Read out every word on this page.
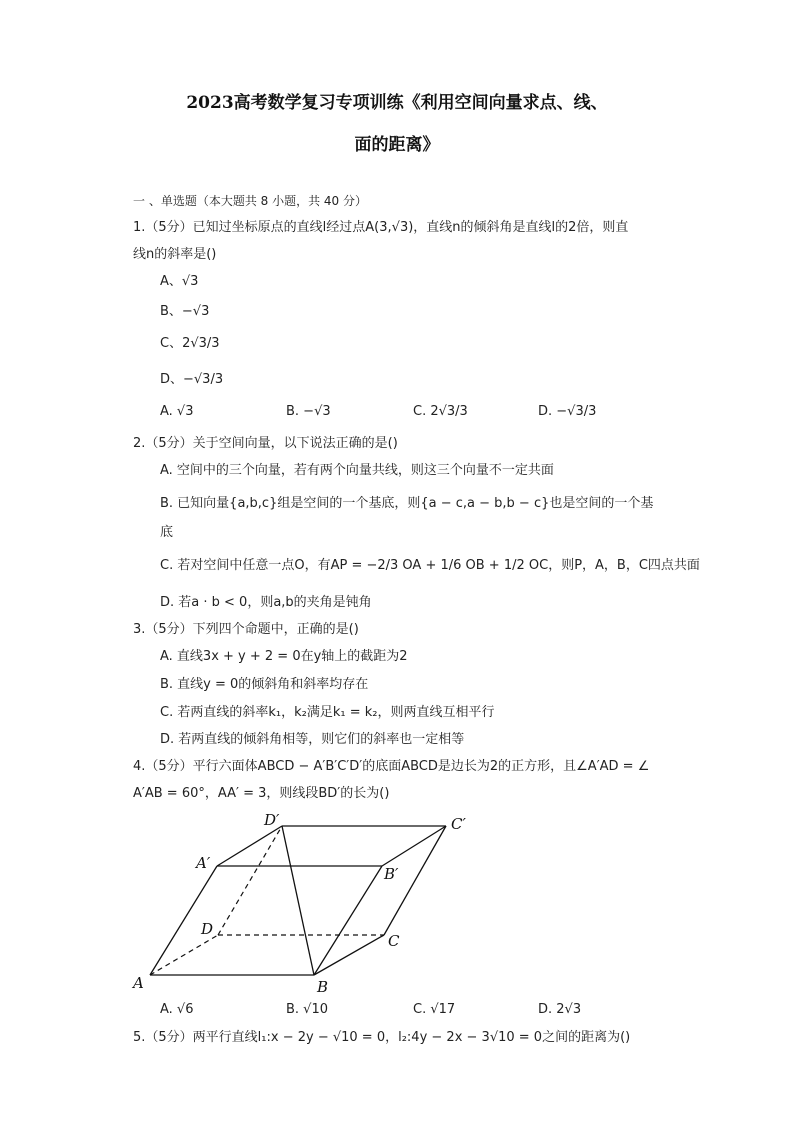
2023高考数学复习专项训练《利用空间向量求点、线、
面的距离》
一 、单选题（本大题共 8 小题，共 40 分）
1.（5分）已知过坐标原点的直线l经过点A(3,√3)，直线n的倾斜角是直线l的2倍，则直
线n的斜率是()
A、√3
B、−√3
C、2√3/3
D、−√3/3
A. √3	B. −√3	C. 2√3/3	D. −√3/3
2.（5分）关于空间向量，以下说法正确的是()
A. 空间中的三个向量，若有两个向量共线，则这三个向量不一定共面
B. 已知向量{a,b,c}组是空间的一个基底，则{a − c,a − b,b − c}也是空间的一个基
底
C. 若对空间中任意一点O，有AP = −2/3 OA + 1/6 OB + 1/2 OC，则P，A，B，C四点共面
D. 若a · b < 0，则a,b的夹角是钝角
3.（5分）下列四个命题中，正确的是()
A. 直线3x + y + 2 = 0在y轴上的截距为2
B. 直线y = 0的倾斜角和斜率均存在
C. 若两直线的斜率k₁，k₂满足k₁ = k₂，则两直线互相平行
D. 若两直线的倾斜角相等，则它们的斜率也一定相等
4.（5分）平行六面体ABCD − A′B′C′D′的底面ABCD是边长为2的正方形，且∠A′AD = ∠
A′AB = 60°，AA′ = 3，则线段BD′的长为()
A	B
C
D
A′
B′
C′
D′
A. √6	B. √10	C. √17	D. 2√3
5.（5分）两平行直线l₁:x − 2y − √10 = 0，l₂:4y − 2x − 3√10 = 0之间的距离为()
